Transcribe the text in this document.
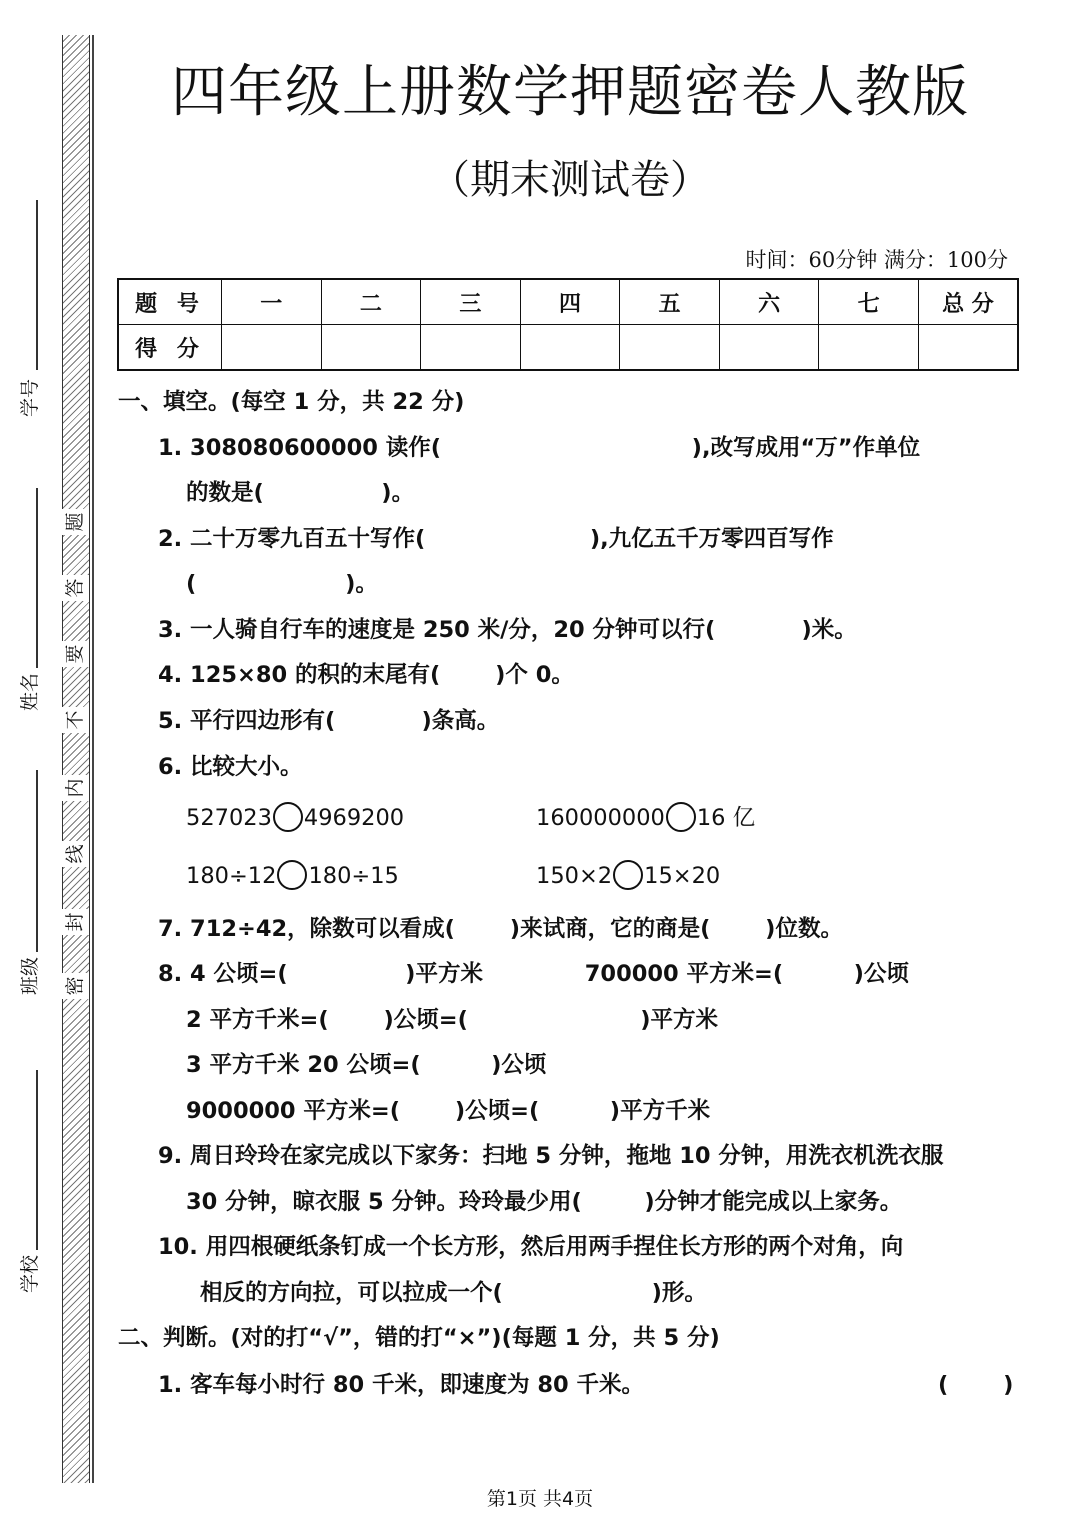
题
答
要
不
内
线
封
密
学号
姓名
班级
学校
四年级上册数学押题密卷人教版
（期末测试卷）
时间：60分钟 满分：100分
题 号	一	二	三	四	五	六	七	总 分
得 分								
一、填空。(每空 1 分，共 22 分)
1. 308080600000 读作(                                ),改写成用“万”作单位
的数是(               )。
2. 二十万零九百五十写作(                     ),九亿五千万零四百写作
(                   )。
3. 一人骑自行车的速度是 250 米/分，20 分钟可以行(           )米。
4. 125×80 的积的末尾有(       )个 0。
5. 平行四边形有(           )条高。
6. 比较大小。
527023 4969200	160000000 16 亿
180÷12 180÷15	150×2 15×20
7. 712÷42，除数可以看成(       )来试商，它的商是(       )位数。
8. 4 公顷=(               )平方米             700000 平方米=(         )公顷
2 平方千米=(       )公顷=(                      )平方米
3 平方千米 20 公顷=(         )公顷
9000000 平方米=(       )公顷=(         )平方千米
9. 周日玲玲在家完成以下家务：扫地 5 分钟，拖地 10 分钟，用洗衣机洗衣服
30 分钟，晾衣服 5 分钟。玲玲最少用(        )分钟才能完成以上家务。
10. 用四根硬纸条钉成一个长方形，然后用两手捏住长方形的两个对角，向
相反的方向拉，可以拉成一个(                   )形。
二、判断。(对的打“√”，错的打“×”)(每题 1 分，共 5 分)
1. 客车每小时行 80 千米，即速度为 80 千米。	(       )
第1页 共4页
